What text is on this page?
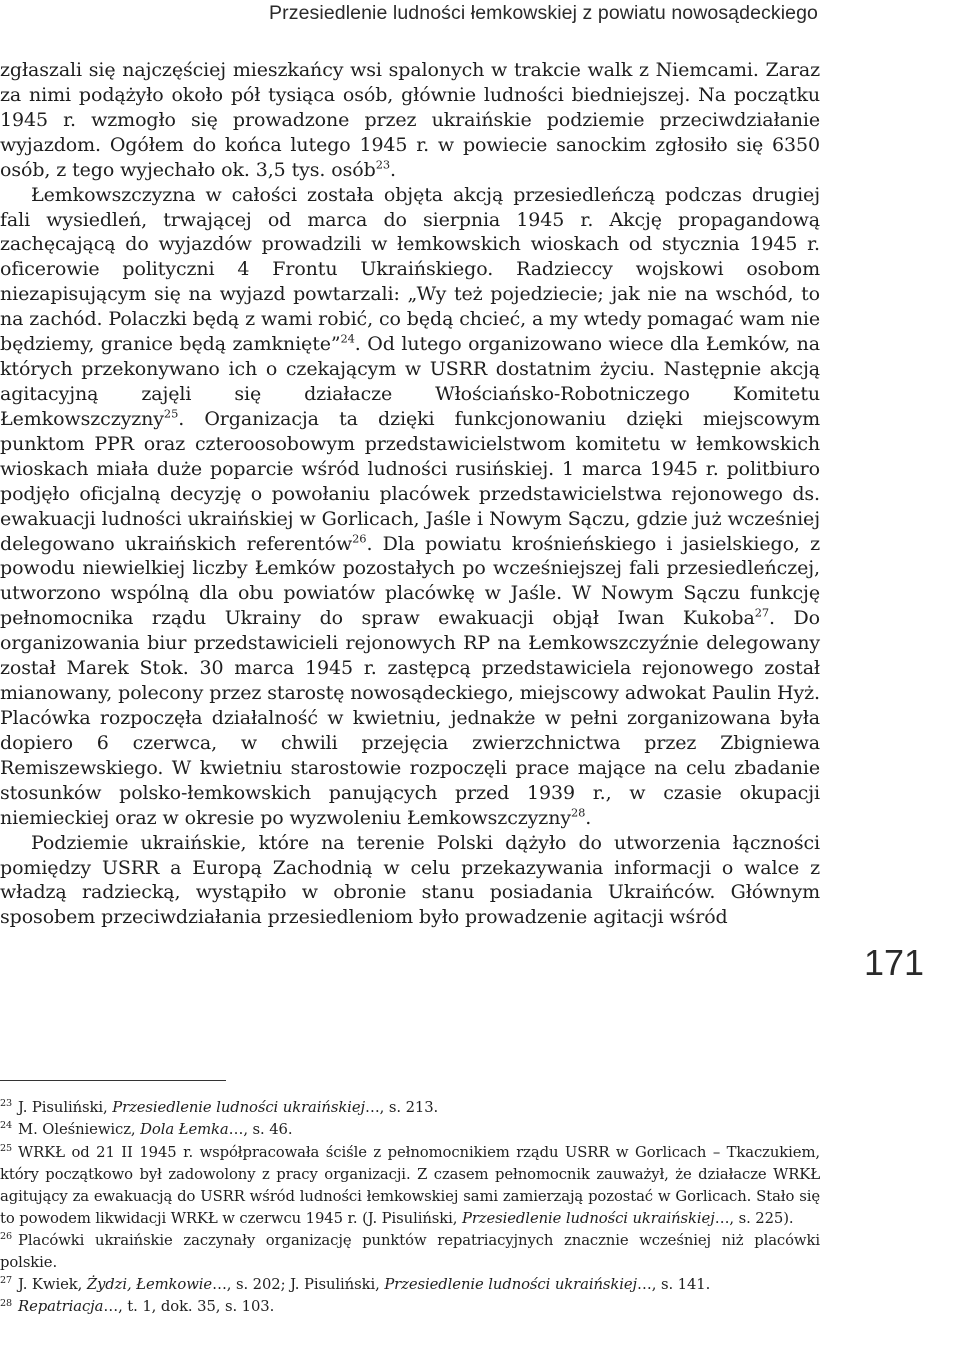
Przesiedlenie ludności łemkowskiej z powiatu nowosądeckiego

zgłaszali się najczęściej mieszkańcy wsi spalonych w trakcie walk z Niemcami. Zaraz za nimi podążyło około pół tysiąca osób, głównie ludności biedniejszej. Na początku 1945 r. wzmogło się prowadzone przez ukraińskie podziemie przeciwdziałanie wyjazdom. Ogółem do końca lutego 1945 r. w powiecie sanockim zgłosiło się 6350 osób, z tego wyjechało ok. 3,5 tys. osób$^{23}$.

Łemkowszczyzna w całości została objęta akcją przesiedleńczą podczas drugiej fali wysiedleń, trwającej od marca do sierpnia 1945 r. Akcję propagandową zachęcającą do wyjazdów prowadzili w łemkowskich wioskach od stycznia 1945 r. oficerowie polityczni 4 Frontu Ukraińskiego. Radzieccy wojskowi osobom niezapisującym się na wyjazd powtarzali: „Wy też pojedziecie; jak nie na wschód, to na zachód. Polaczki będą z wami robić, co będą chcieć, a my wtedy pomagać wam nie będziemy, granice będą zamknięte”$^{24}$. Od lutego organizowano wiece dla Łemków, na których przekonywano ich o czekającym w USRR dostatnim życiu. Następnie akcją agitacyjną zajęli się działacze Włościańsko-Robotniczego Komitetu Łemkowszczyzny$^{25}$. Organizacja ta dzięki funkcjonowaniu dzięki miejscowym punktom PPR oraz czteroosobowym przedstawicielstwom komitetu w łemkowskich wioskach miała duże poparcie wśród ludności rusińskiej. 1 marca 1945 r. politbiuro podjęło oficjalną decyzję o powołaniu placówek przedstawicielstwa rejonowego ds. ewakuacji ludności ukraińskiej w Gorlicach, Jaśle i Nowym Sączu, gdzie już wcześniej delegowano ukraińskich referentów$^{26}$. Dla powiatu krośnieńskiego i jasielskiego, z powodu niewielkiej liczby Łemków pozostałych po wcześniejszej fali przesiedleńczej, utworzono wspólną dla obu powiatów placówkę w Jaśle. W Nowym Sączu funkcję pełnomocnika rządu Ukrainy do spraw ewakuacji objął Iwan Kukoba$^{27}$. Do organizowania biur przedstawicieli rejonowych RP na Łemkowszczyźnie delegowany został Marek Stok. 30 marca 1945 r. zastępcą przedstawiciela rejonowego został mianowany, polecony przez starostę nowosądeckiego, miejscowy adwokat Paulin Hyż. Placówka rozpoczęła działalność w kwietniu, jednakże w pełni zorganizowana była dopiero 6 czerwca, w chwili przejęcia zwierzchnictwa przez Zbigniewa Remiszewskiego. W kwietniu starostowie rozpoczęli prace mające na celu zbadanie stosunków polsko-łemkowskich panujących przed 1939 r., w czasie okupacji niemieckiej oraz w okresie po wyzwoleniu Łemkowszczyzny$^{28}$.

Podziemie ukraińskie, które na terenie Polski dążyło do utworzenia łączności pomiędzy USRR a Europą Zachodnią w celu przekazywania informacji o walce z władzą radziecką, wystąpiło w obronie stanu posiadania Ukraińców. Głównym sposobem przeciwdziałania przesiedleniom było prowadzenie agitacji wśród

171
$^{23}$ J. Pisuliński, Przesiedlenie ludności ukraińskiej…, s. 213.
$^{24}$ M. Oleśniewicz, Dola Łemka…, s. 46.
$^{25}$ WRKŁ od 21 II 1945 r. współpracowała ściśle z pełnomocnikiem rządu USRR w Gorlicach – Tkaczukiem, który początkowo był zadowolony z pracy organizacji. Z czasem pełnomocnik zauważył, że działacze WRKŁ agitujący za ewakuacją do USRR wśród ludności łemkowskiej sami zamierzają pozostać w Gorlicach. Stało się to powodem likwidacji WRKŁ w czerwcu 1945 r. (J. Pisuliński, Przesiedlenie ludności ukraińskiej…, s. 225).
$^{26}$ Placówki ukraińskie zaczynały organizację punktów repatriacyjnych znacznie wcześniej niż placówki polskie.
$^{27}$ J. Kwiek, Żydzi, Łemkowie…, s. 202; J. Pisuliński, Przesiedlenie ludności ukraińskiej…, s. 141.
$^{28}$ Repatriacja…, t. 1, dok. 35, s. 103.
